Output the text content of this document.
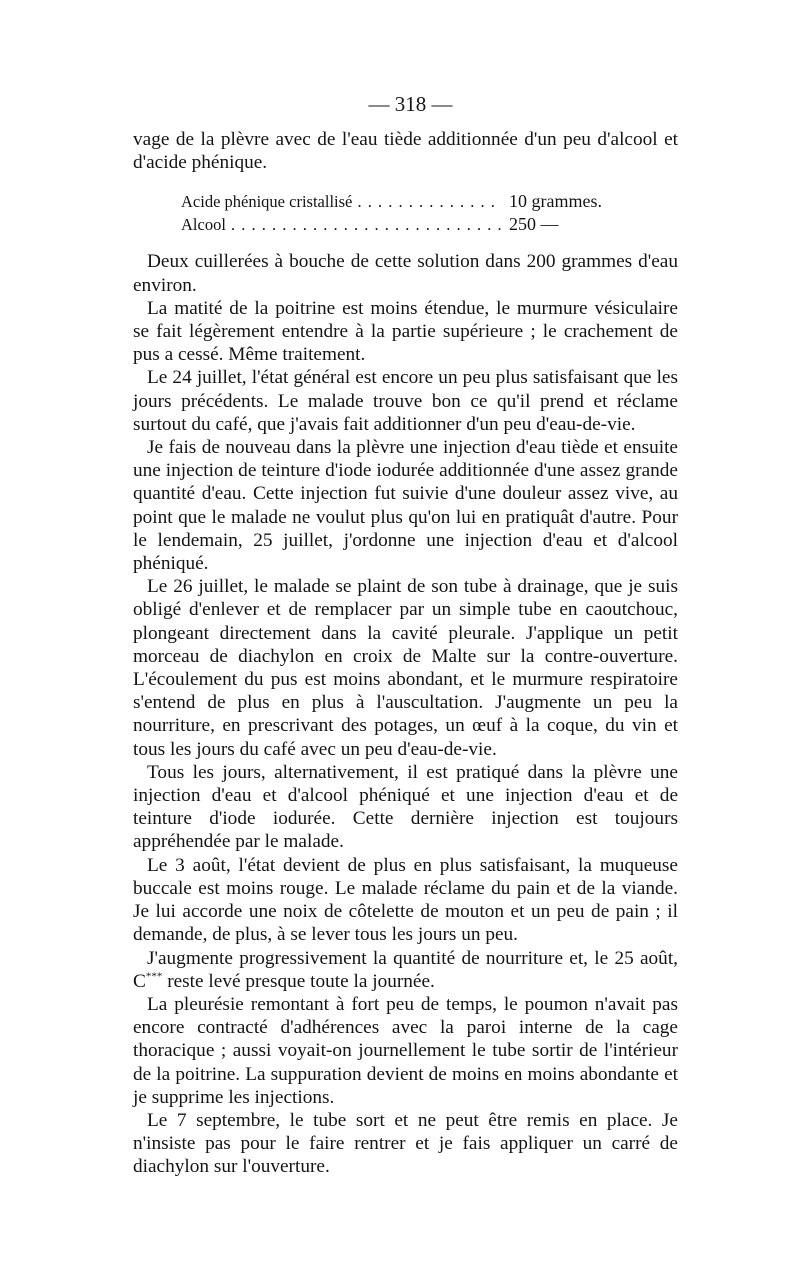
— 318 —

vage de la plèvre avec de l'eau tiède additionnée d'un peu d'alcool et d'acide phénique.

Acide phénique cristallisé . . .	10 grammes.
Alcool . . .	250 —

Deux cuillerées à bouche de cette solution dans 200 grammes d'eau environ.

La matité de la poitrine est moins étendue, le murmure vésiculaire se fait légèrement entendre à la partie supérieure ; le crachement de pus a cessé. Même traitement.

Le 24 juillet, l'état général est encore un peu plus satisfaisant que les jours précédents. Le malade trouve bon ce qu'il prend et réclame surtout du café, que j'avais fait additionner d'un peu d'eau-de-vie.

Je fais de nouveau dans la plèvre une injection d'eau tiède et ensuite une injection de teinture d'iode iodurée additionnée d'une assez grande quantité d'eau. Cette injection fut suivie d'une douleur assez vive, au point que le malade ne voulut plus qu'on lui en pratiquât d'autre. Pour le lendemain, 25 juillet, j'ordonne une injection d'eau et d'alcool phéniqué.

Le 26 juillet, le malade se plaint de son tube à drainage, que je suis obligé d'enlever et de remplacer par un simple tube en caoutchouc, plongeant directement dans la cavité pleurale. J'applique un petit morceau de diachylon en croix de Malte sur la contre-ouverture. L'écoulement du pus est moins abondant, et le murmure respiratoire s'entend de plus en plus à l'auscultation. J'augmente un peu la nourriture, en prescrivant des potages, un œuf à la coque, du vin et tous les jours du café avec un peu d'eau-de-vie.

Tous les jours, alternativement, il est pratiqué dans la plèvre une injection d'eau et d'alcool phéniqué et une injection d'eau et de teinture d'iode iodurée. Cette dernière injection est toujours appréhendée par le malade.

Le 3 août, l'état devient de plus en plus satisfaisant, la muqueuse buccale est moins rouge. Le malade réclame du pain et de la viande. Je lui accorde une noix de côtelette de mouton et un peu de pain ; il demande, de plus, à se lever tous les jours un peu.

J'augmente progressivement la quantité de nourriture et, le 25 août, C*** reste levé presque toute la journée.

La pleurésie remontant à fort peu de temps, le poumon n'avait pas encore contracté d'adhérences avec la paroi interne de la cage thoracique ; aussi voyait-on journellement le tube sortir de l'intérieur de la poitrine. La suppuration devient de moins en moins abondante et je supprime les injections.

Le 7 septembre, le tube sort et ne peut être remis en place. Je n'insiste pas pour le faire rentrer et je fais appliquer un carré de diachylon sur l'ouverture.
